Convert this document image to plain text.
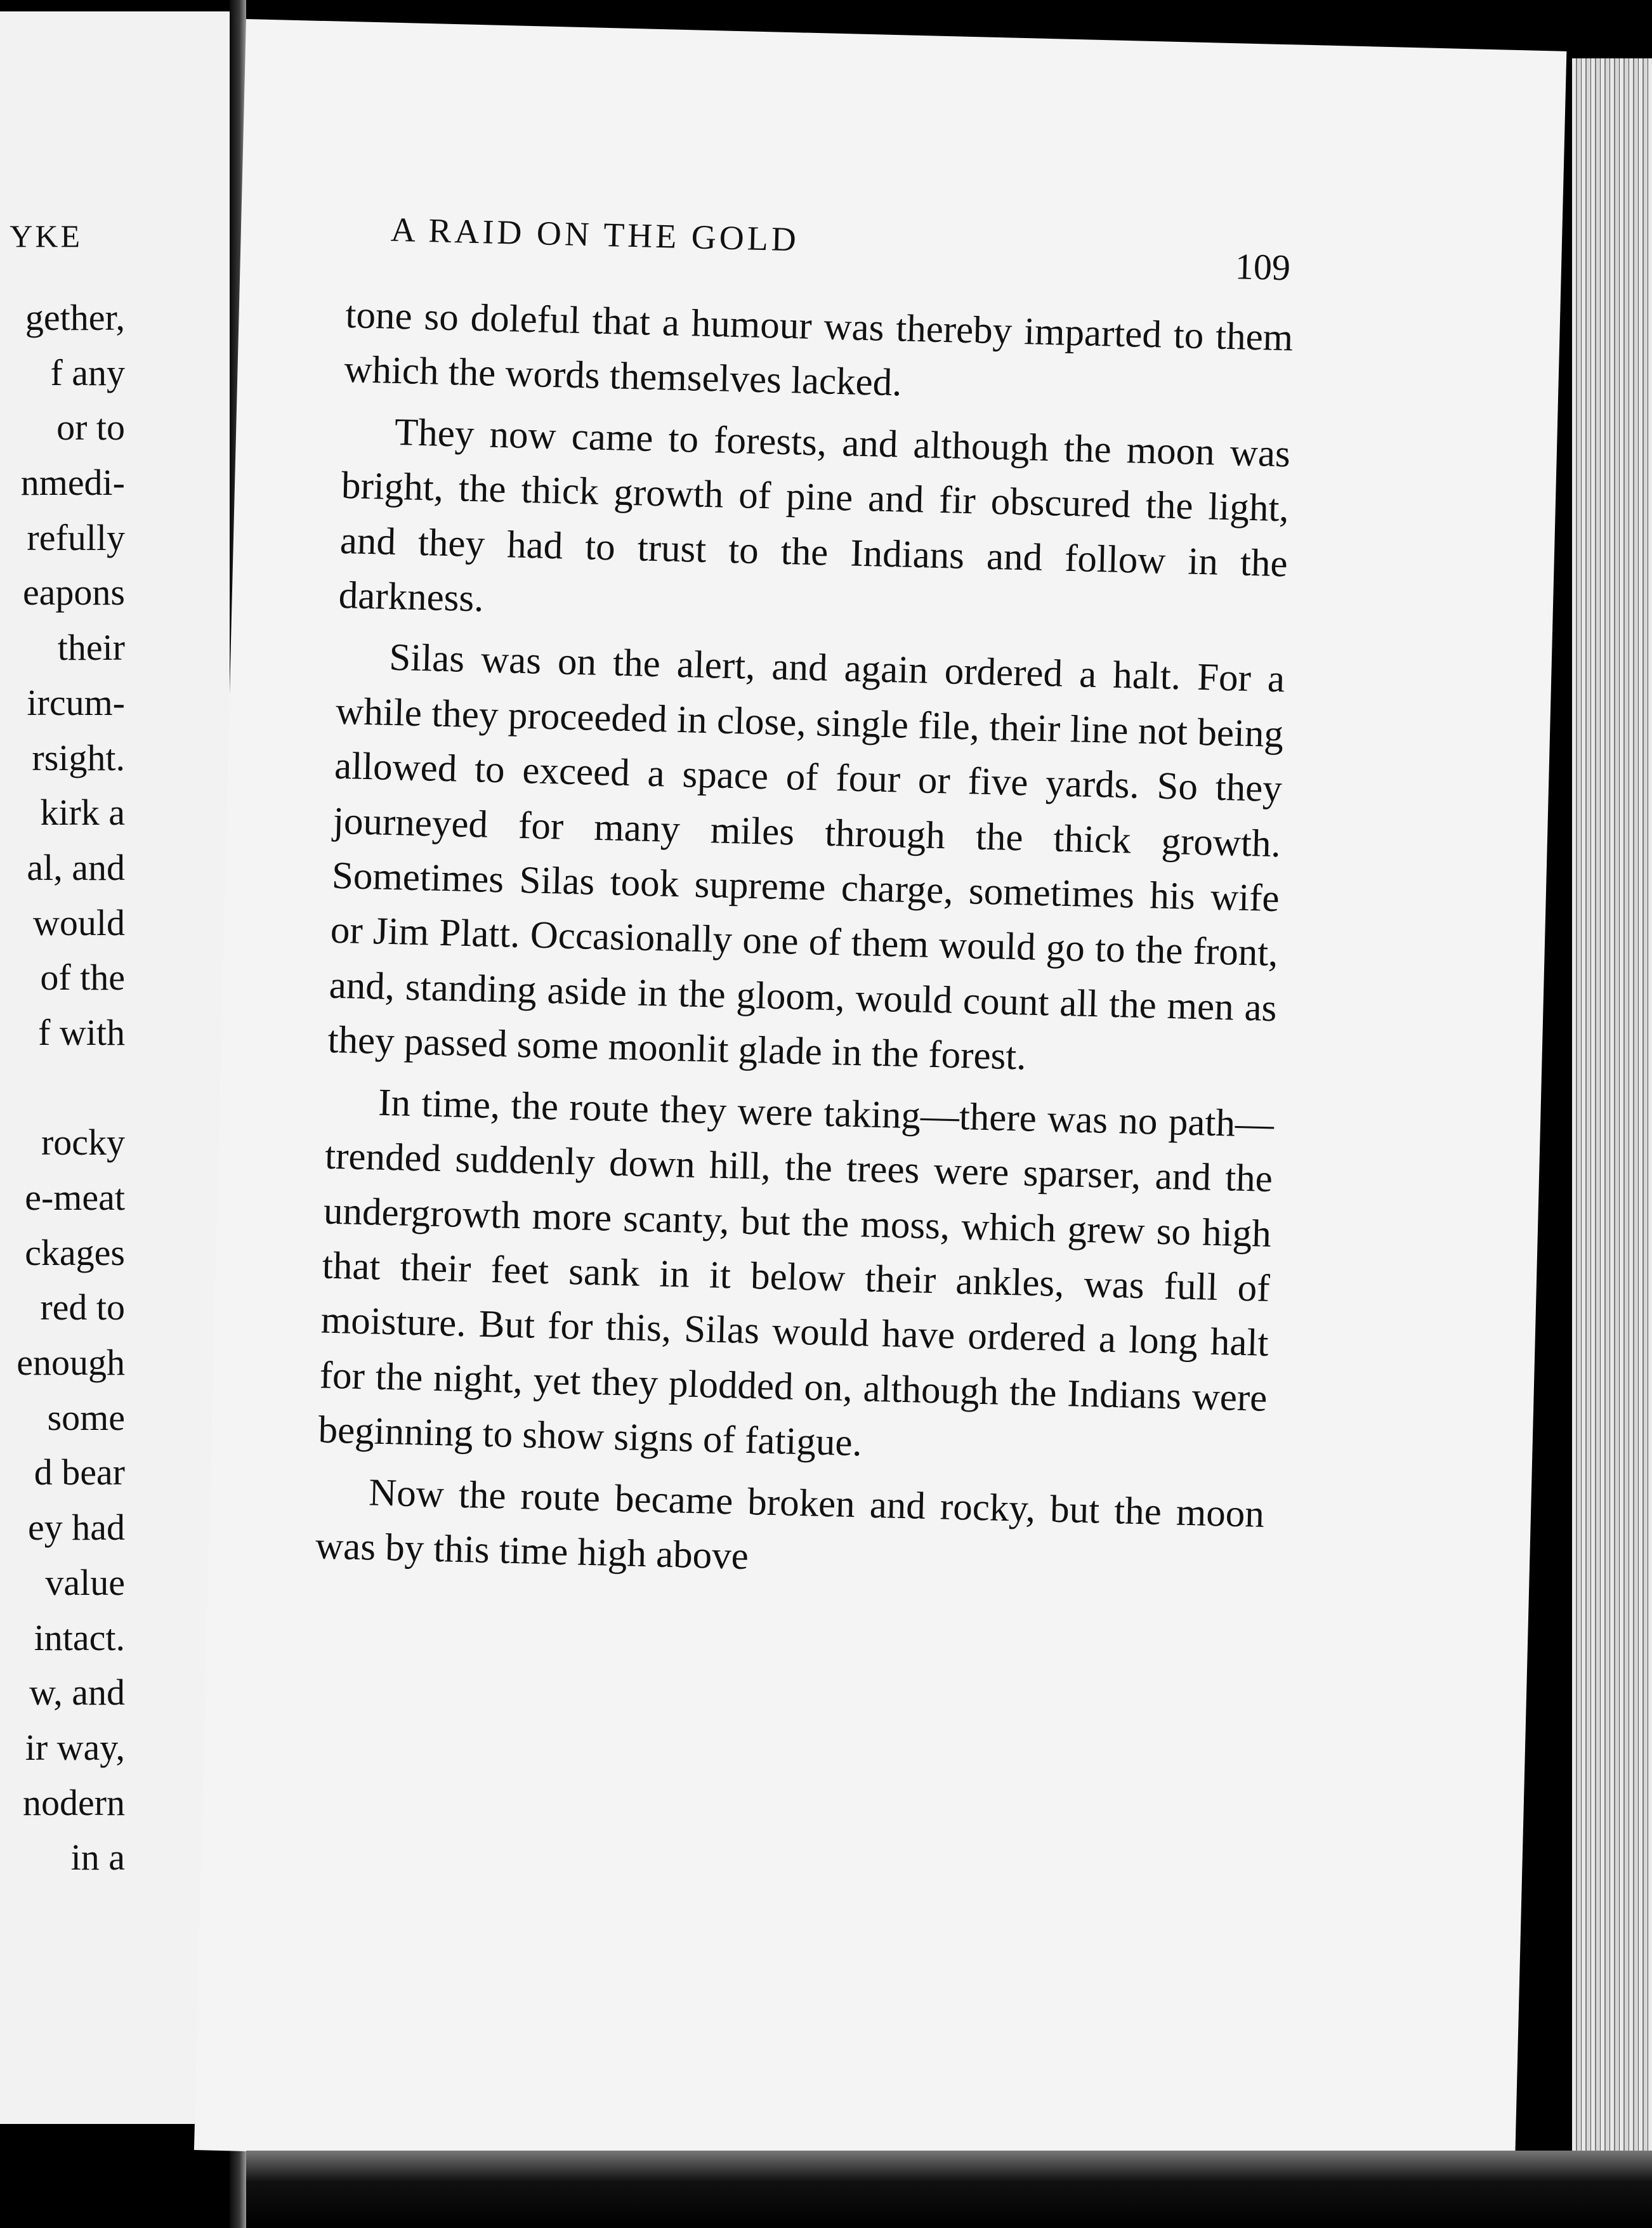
YKE
gether,
f any
or to
nmedi-
refully
eapons
their
ircum-
rsight.
kirk a
al, and
would
of the
f with
rocky
e-meat
ckages
red to
enough
some
d bear
ey had
value
intact.
w, and
ir way,
nodern
in a
A RAID ON THE GOLD
109

tone so doleful that a humour was thereby imparted to them which the words themselves lacked.

They now came to forests, and although the moon was bright, the thick growth of pine and fir obscured the light, and they had to trust to the Indians and follow in the darkness.

Silas was on the alert, and again ordered a halt. For a while they proceeded in close, single file, their line not being allowed to exceed a space of four or five yards. So they journeyed for many miles through the thick growth. Sometimes Silas took supreme charge, sometimes his wife or Jim Platt. Occasionally one of them would go to the front, and, standing aside in the gloom, would count all the men as they passed some moonlit glade in the forest.

In time, the route they were taking—there was no path—trended suddenly down hill, the trees were sparser, and the undergrowth more scanty, but the moss, which grew so high that their feet sank in it below their ankles, was full of moisture. But for this, Silas would have ordered a long halt for the night, yet they plodded on, although the Indians were beginning to show signs of fatigue.

Now the route became broken and rocky, but the moon was by this time high above
